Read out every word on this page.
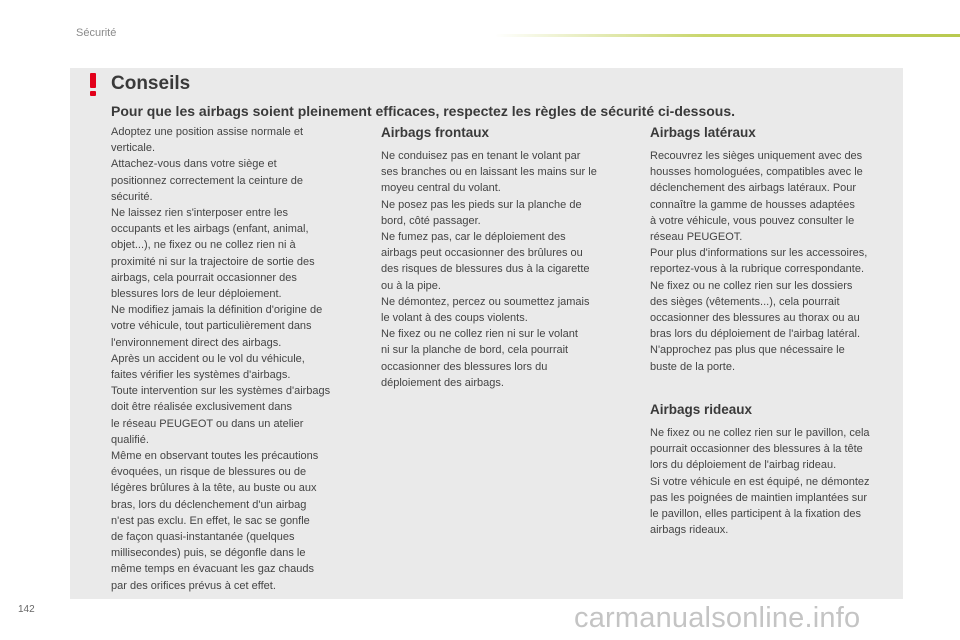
Sécurité
Conseils
Pour que les airbags soient pleinement efficaces, respectez les règles de sécurité ci-dessous.

Adoptez une position assise normale et

verticale.

Attachez-vous dans votre siège et

positionnez correctement la ceinture de

sécurité.

Ne laissez rien s'interposer entre les

occupants et les airbags (enfant, animal,

objet...), ne fixez ou ne collez rien ni à

proximité ni sur la trajectoire de sortie des

airbags, cela pourrait occasionner des

blessures lors de leur déploiement.

Ne modifiez jamais la définition d'origine de

votre véhicule, tout particulièrement dans

l'environnement direct des airbags.

Après un accident ou le vol du véhicule,

faites vérifier les systèmes d'airbags.

Toute intervention sur les systèmes d'airbags

doit être réalisée exclusivement dans

le réseau PEUGEOT ou dans un atelier

qualifié.

Même en observant toutes les précautions

évoquées, un risque de blessures ou de

légères brûlures à la tête, au buste ou aux

bras, lors du déclenchement d'un airbag

n'est pas exclu. En effet, le sac se gonfle

de façon quasi-instantanée (quelques

millisecondes) puis, se dégonfle dans le

même temps en évacuant les gaz chauds

par des orifices prévus à cet effet.

Airbags frontaux

Ne conduisez pas en tenant le volant par

ses branches ou en laissant les mains sur le

moyeu central du volant.

Ne posez pas les pieds sur la planche de

bord, côté passager.

Ne fumez pas, car le déploiement des

airbags peut occasionner des brûlures ou

des risques de blessures dus à la cigarette

ou à la pipe.

Ne démontez, percez ou soumettez jamais

le volant à des coups violents.

Ne fixez ou ne collez rien ni sur le volant

ni sur la planche de bord, cela pourrait

occasionner des blessures lors du

déploiement des airbags.

Airbags latéraux

Recouvrez les sièges uniquement avec des

housses homologuées, compatibles avec le

déclenchement des airbags latéraux. Pour

connaître la gamme de housses adaptées

à votre véhicule, vous pouvez consulter le

réseau PEUGEOT.

Pour plus d'informations sur les accessoires,

reportez-vous à la rubrique correspondante.

Ne fixez ou ne collez rien sur les dossiers

des sièges (vêtements...), cela pourrait

occasionner des blessures au thorax ou au

bras lors du déploiement de l'airbag latéral.

N'approchez pas plus que nécessaire le

buste de la porte.

Airbags rideaux

Ne fixez ou ne collez rien sur le pavillon, cela

pourrait occasionner des blessures à la tête

lors du déploiement de l'airbag rideau.

Si votre véhicule en est équipé, ne démontez

pas les poignées de maintien implantées sur

le pavillon, elles participent à la fixation des

airbags rideaux.

142	carmanualsonline.info
